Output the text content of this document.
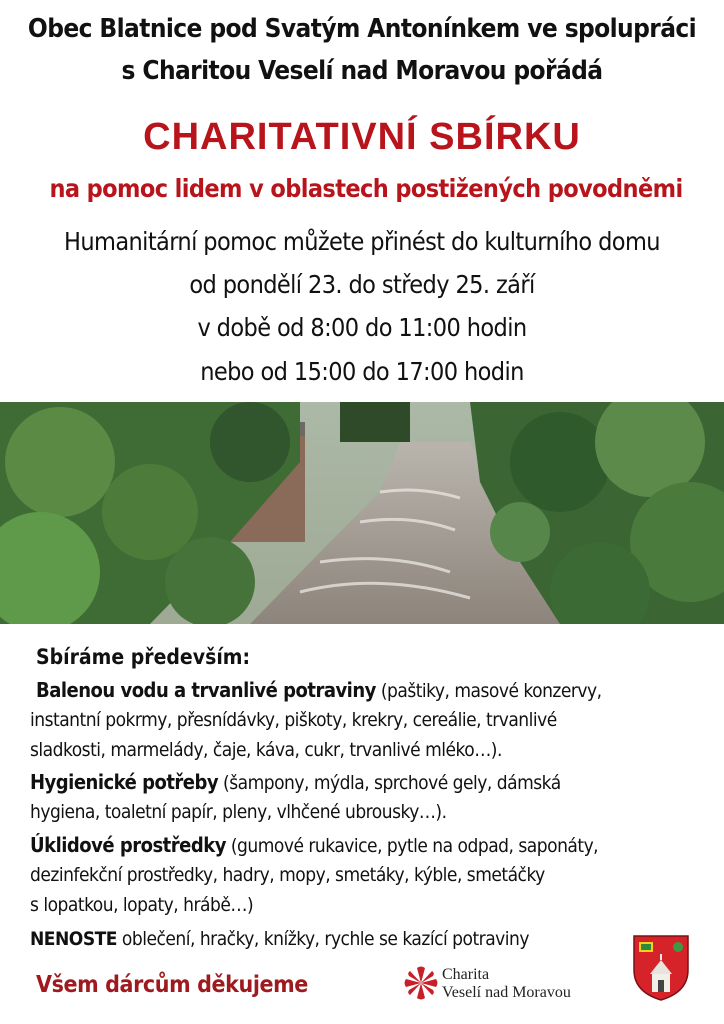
Obec Blatnice pod Svatým Antonínkem ve spolupráci
s Charitou Veselí nad Moravou pořádá
CHARITATIVNÍ SBÍRKU
na pomoc lidem v oblastech postižených povodněmi
Humanitární pomoc můžete přinést do kulturního domu
od pondělí 23. do středy 25. září
v době od 8:00 do 11:00 hodin
nebo od 15:00 do 17:00 hodin
Sbíráme především:
Balenou vodu a trvanlivé potraviny (paštiky, masové konzervy,
instantní pokrmy, přesnídávky, piškoty, krekry, cereálie, trvanlivé
sladkosti, marmelády, čaje, káva, cukr, trvanlivé mléko…).
Hygienické potřeby (šampony, mýdla, sprchové gely, dámská
hygiena, toaletní papír, pleny, vlhčené ubrousky…).
Úklidové prostředky (gumové rukavice, pytle na odpad, saponáty,
dezinfekční prostředky, hadry, mopy, smetáky, kýble, smetáčky
s lopatkou, lopaty, hrábě…)
NENOSTE oblečení, hračky, knížky, rychle se kazící potraviny
Všem dárcům děkujeme	Charita
Veselí nad Moravou
